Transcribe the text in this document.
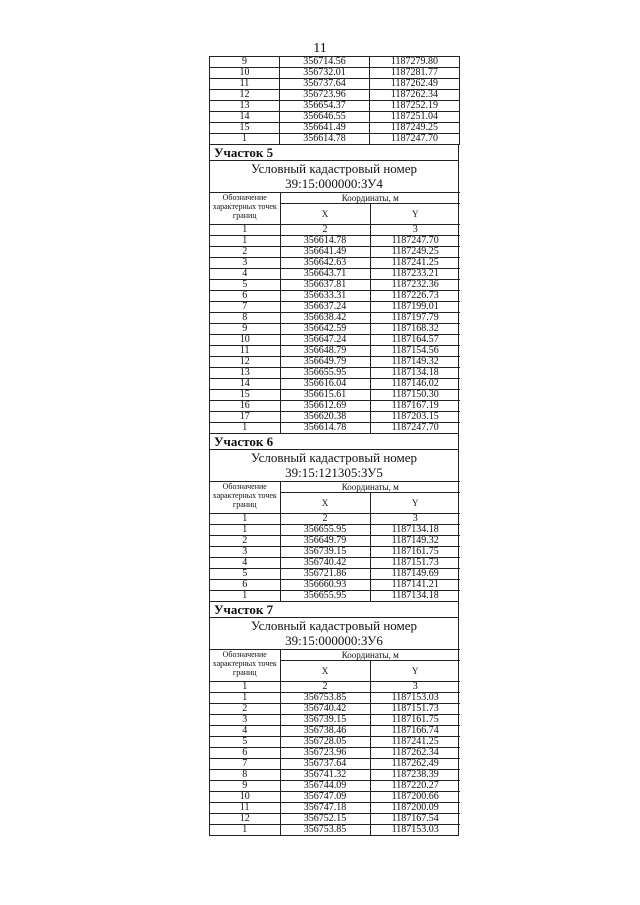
11
9	356714.56	1187279.80
10	356732.01	1187281.77
11	356737.64	1187262.49
12	356723.96	1187262.34
13	356654.37	1187252.19
14	356646.55	1187251.04
15	356641.49	1187249.25
1	356614.78	1187247.70
Участок 5
Условный кадастровый номер
39:15:000000:ЗУ4
Обозначение характерных точек границ	Координаты, м	
	X	Y
1	2	3
1	356614.78	1187247.70
2	356641.49	1187249.25
3	356642.63	1187241.25
4	356643.71	1187233.21
5	356637.81	1187232.36
6	356633.31	1187226.73
7	356637.24	1187199.01
8	356638.42	1187197.79
9	356642.59	1187168.32
10	356647.24	1187164.57
11	356648.79	1187154.56
12	356649.79	1187149.32
13	356655.95	1187134.18
14	356616.04	1187146.02
15	356615.61	1187150.30
16	356612.69	1187167.19
17	356620.38	1187203.15
1	356614.78	1187247.70
Участок 6
Условный кадастровый номер
39:15:121305:ЗУ5
Обозначение характерных точек границ	Координаты, м	
	X	Y
1	2	3
1	356655.95	1187134.18
2	356649.79	1187149.32
3	356739.15	1187161.75
4	356740.42	1187151.73
5	356721.86	1187149.69
6	356660.93	1187141.21
1	356655.95	1187134.18
Участок 7
Условный кадастровый номер
39:15:000000:ЗУ6
Обозначение характерных точек границ	Координаты, м	
	X	Y
1	2	3
1	356753.85	1187153.03
2	356740.42	1187151.73
3	356739.15	1187161.75
4	356738.46	1187166.74
5	356728.05	1187241.25
6	356723.96	1187262.34
7	356737.64	1187262.49
8	356741.32	1187238.39
9	356744.09	1187220.27
10	356747.09	1187200.66
11	356747.18	1187200.09
12	356752.15	1187167.54
1	356753.85	1187153.03
